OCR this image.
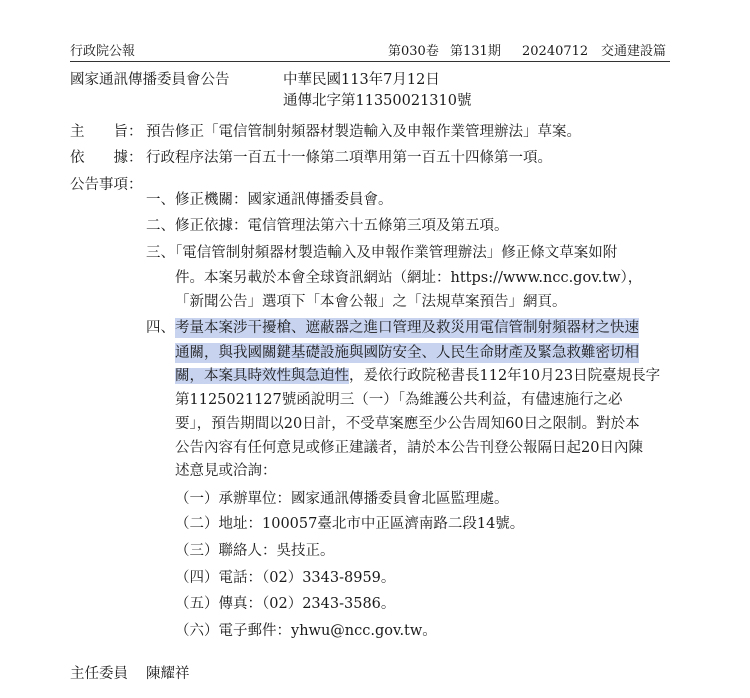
行政院公報	第030卷 第131期 20240712 交通建設篇
國家通訊傳播委員會公告	中華民國113年7月12日
通傳北字第11350021310號
主　　旨： 預告修正「電信管制射頻器材製造輸入及申報作業管理辦法」草案。
依　　據： 行政程序法第一百五十一條第二項準用第一百五十四條第一項。
公告事項：
一、修正機關：國家通訊傳播委員會。
二、修正依據：電信管理法第六十五條第三項及第五項。
三、「電信管制射頻器材製造輸入及申報作業管理辦法」修正條文草案如附
件。本案另載於本會全球資訊網站（網址：https://www.ncc.gov.tw），
「新聞公告」選項下「本會公報」之「法規草案預告」網頁。
四、 考量本案涉干擾槍、遮蔽器之進口管理及救災用電信管制射頻器材之快速
通關，與我國關鍵基礎設施與國防安全、人民生命財產及緊急救難密切相
關，本案具時效性與急迫性，爰依行政院秘書長112年10月23日院臺規長字
第1125021127號函說明三（一）「為維護公共利益，有儘速施行之必
要」，預告期間以20日計，不受草案應至少公告周知60日之限制。對於本
公告內容有任何意見或修正建議者，請於本公告刊登公報隔日起20日內陳
述意見或洽詢：
（一）承辦單位：國家通訊傳播委員會北區監理處。
（二）地址：100057臺北市中正區濟南路二段14號。
（三）聯絡人：吳技正。
（四）電話：（02）3343-8959。
（五）傳真：（02）2343-3586。
（六）電子郵件：yhwu@ncc.gov.tw。
主任委員 陳耀祥
